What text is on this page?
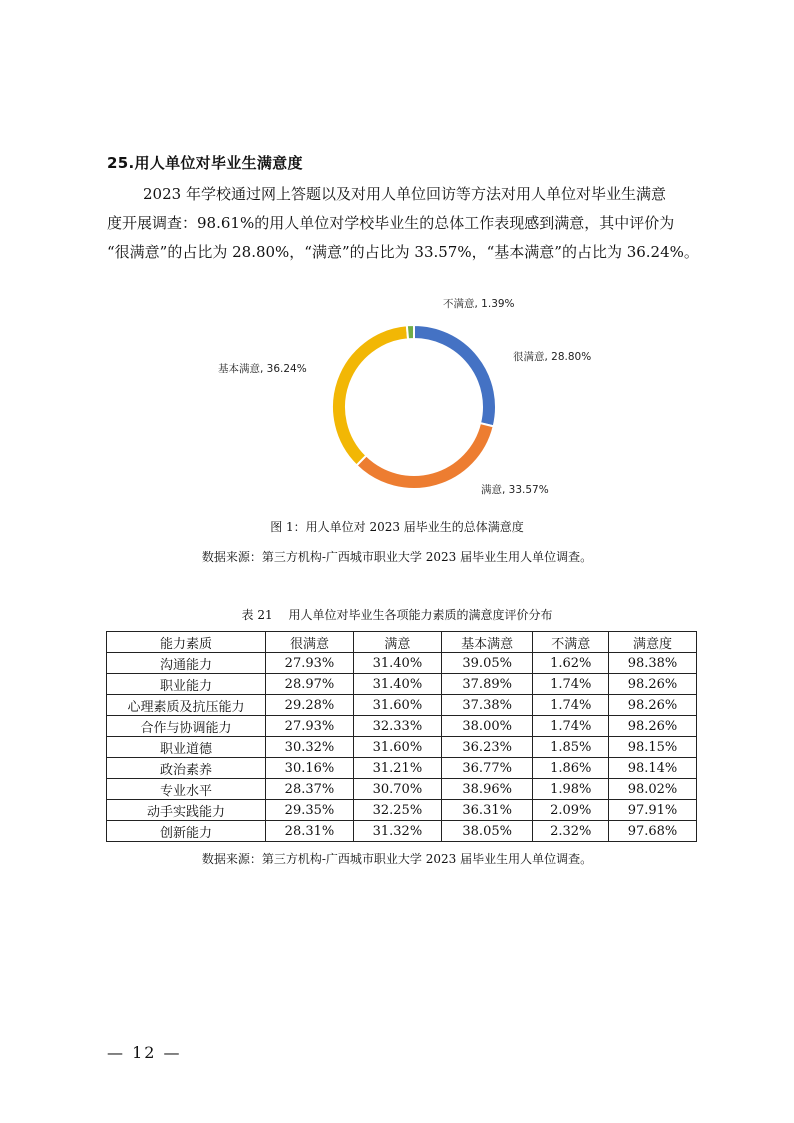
25.用人单位对毕业生满意度
2023 年学校通过网上答题以及对用人单位回访等方法对用人单位对毕业生满意
度开展调查：98.61%的用人单位对学校毕业生的总体工作表现感到满意，其中评价为
“很满意”的占比为 28.80%，“满意”的占比为 33.57%，“基本满意”的占比为 36.24%。
很满意, 28.80%
满意, 33.57%
基本满意, 36.24%
不满意, 1.39%
图 1：用人单位对 2023 届毕业生的总体满意度
数据来源：第三方机构-广西城市职业大学 2023 届毕业生用人单位调查。
表 21　 用人单位对毕业生各项能力素质的满意度评价分布
能力素质	很满意	满意	基本满意	不满意	满意度
沟通能力	27.93%	31.40%	39.05%	1.62%	98.38%
职业能力	28.97%	31.40%	37.89%	1.74%	98.26%
心理素质及抗压能力	29.28%	31.60%	37.38%	1.74%	98.26%
合作与协调能力	27.93%	32.33%	38.00%	1.74%	98.26%
职业道德	30.32%	31.60%	36.23%	1.85%	98.15%
政治素养	30.16%	31.21%	36.77%	1.86%	98.14%
专业水平	28.37%	30.70%	38.96%	1.98%	98.02%
动手实践能力	29.35%	32.25%	36.31%	2.09%	97.91%
创新能力	28.31%	31.32%	38.05%	2.32%	97.68%
数据来源：第三方机构-广西城市职业大学 2023 届毕业生用人单位调查。
— 12 —
